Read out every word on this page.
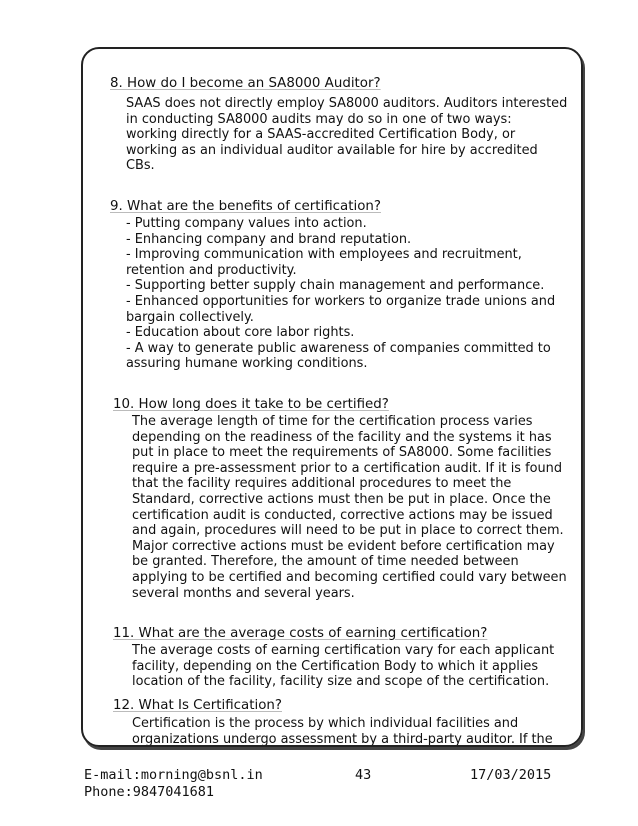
8. How do I become an SA8000 Auditor?
SAAS does not directly employ SA8000 auditors. Auditors interested
in conducting SA8000 audits may do so in one of two ways:
working directly for a SAAS-accredited Certification Body, or
working as an individual auditor available for hire by accredited
CBs.
9. What are the benefits of certification?
- Putting company values into action.
- Enhancing company and brand reputation.
- Improving communication with employees and recruitment,
retention and productivity.
- Supporting better supply chain management and performance.
- Enhanced opportunities for workers to organize trade unions and
bargain collectively.
- Education about core labor rights.
- A way to generate public awareness of companies committed to
assuring humane working conditions.
10. How long does it take to be certified?
The average length of time for the certification process varies
depending on the readiness of the facility and the systems it has
put in place to meet the requirements of SA8000. Some facilities
require a pre-assessment prior to a certification audit. If it is found
that the facility requires additional procedures to meet the
Standard, corrective actions must then be put in place. Once the
certification audit is conducted, corrective actions may be issued
and again, procedures will need to be put in place to correct them.
Major corrective actions must be evident before certification may
be granted. Therefore, the amount of time needed between
applying to be certified and becoming certified could vary between
several months and several years.
11. What are the average costs of earning certification?
The average costs of earning certification vary for each applicant
facility, depending on the Certification Body to which it applies
location of the facility, facility size and scope of the certification.
12. What Is Certification?
Certification is the process by which individual facilities and
organizations undergo assessment by a third-party auditor. If the
E-mail:morning@bsnl.in	43	17/03/2015
Phone:9847041681
